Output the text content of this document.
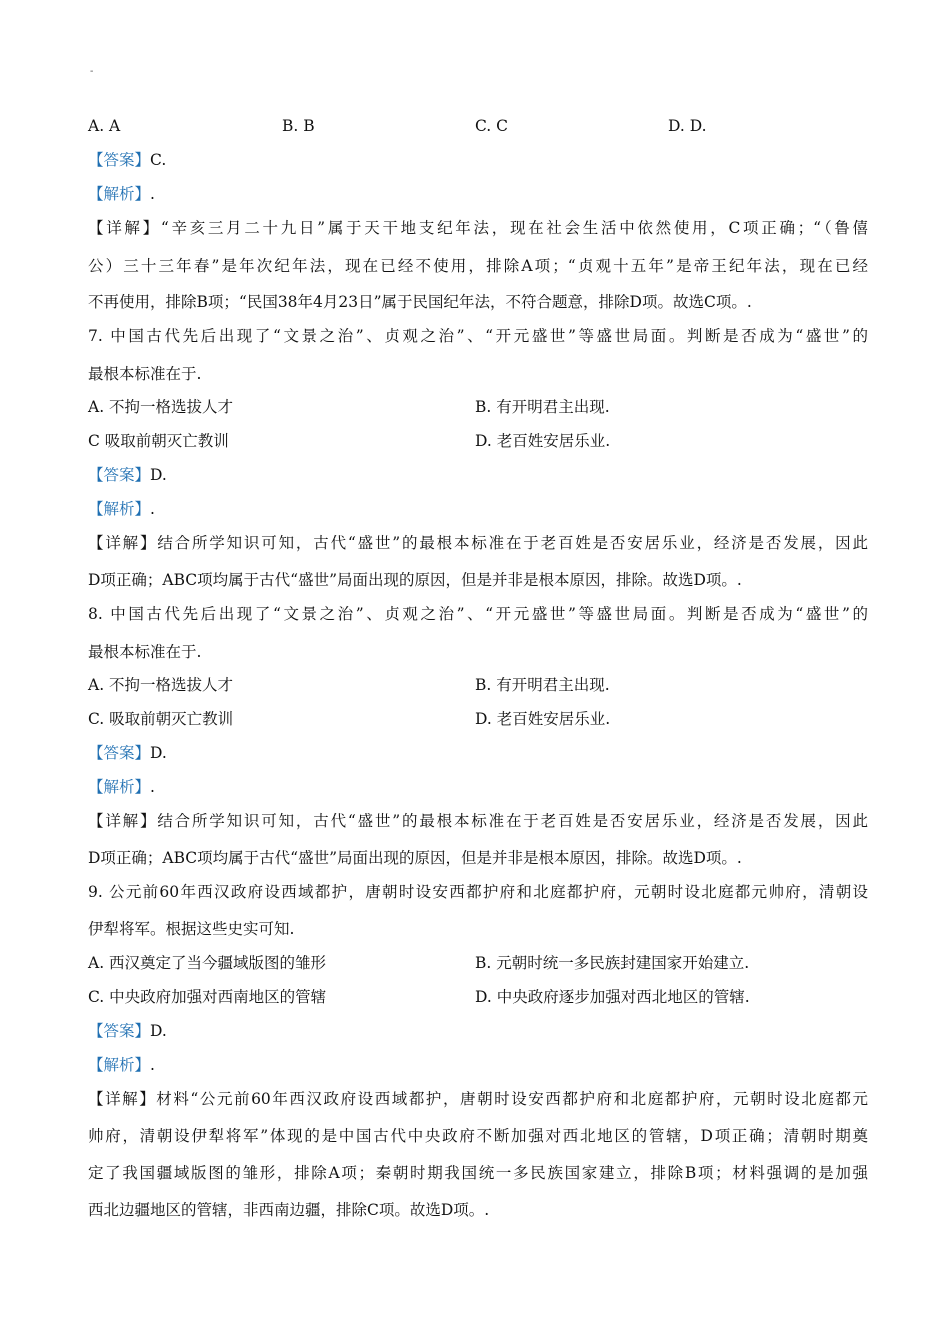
-
A. A	B. B	C. C	D. D.
【答案】C.
【解析】.
【详解】“辛亥三月二十九日”属于天干地支纪年法，现在社会生活中依然使用，C项正确；“（鲁僖
公）三十三年春”是年次纪年法，现在已经不使用，排除A项；“贞观十五年”是帝王纪年法，现在已经
不再使用，排除B项；“民国38年4月23日”属于民国纪年法，不符合题意，排除D项。故选C项。.
7. 中国古代先后出现了“文景之治”、贞观之治”、“开元盛世”等盛世局面。判断是否成为“盛世”的
最根本标准在于.
A. 不拘一格选拔人才	B. 有开明君主出现.
C 吸取前朝灭亡教训	D. 老百姓安居乐业.
【答案】D.
【解析】.
【详解】结合所学知识可知，古代“盛世”的最根本标准在于老百姓是否安居乐业，经济是否发展，因此
D项正确；ABC项均属于古代“盛世”局面出现的原因，但是并非是根本原因，排除。故选D项。.
8. 中国古代先后出现了“文景之治”、贞观之治”、“开元盛世”等盛世局面。判断是否成为“盛世”的
最根本标准在于.
A. 不拘一格选拔人才	B. 有开明君主出现.
C. 吸取前朝灭亡教训	D. 老百姓安居乐业.
【答案】D.
【解析】.
【详解】结合所学知识可知，古代“盛世”的最根本标准在于老百姓是否安居乐业，经济是否发展，因此
D项正确；ABC项均属于古代“盛世”局面出现的原因，但是并非是根本原因，排除。故选D项。.
9. 公元前60年西汉政府设西域都护，唐朝时设安西都护府和北庭都护府，元朝时设北庭都元帅府，清朝设
伊犁将军。根据这些史实可知.
A. 西汉奠定了当今疆域版图的雏形	B. 元朝时统一多民族封建国家开始建立.
C. 中央政府加强对西南地区的管辖	D. 中央政府逐步加强对西北地区的管辖.
【答案】D.
【解析】.
【详解】材料“公元前60年西汉政府设西域都护，唐朝时设安西都护府和北庭都护府，元朝时设北庭都元
帅府，清朝设伊犁将军”体现的是中国古代中央政府不断加强对西北地区的管辖，D项正确；清朝时期奠
定了我国疆域版图的雏形，排除A项；秦朝时期我国统一多民族国家建立，排除B项；材料强调的是加强
西北边疆地区的管辖，非西南边疆，排除C项。故选D项。.
